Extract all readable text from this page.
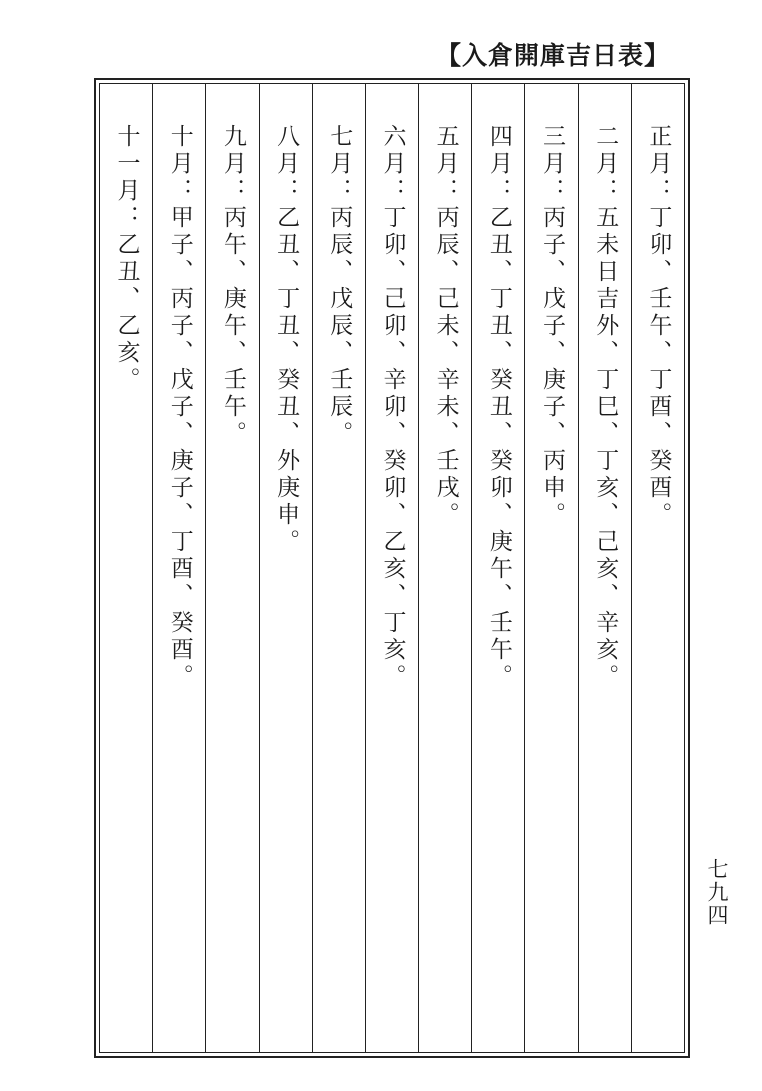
【入倉開庫吉日表】
正月：丁卯、壬午、丁酉、癸酉。
二月：五未日吉外、丁巳、丁亥、己亥、辛亥。
三月：丙子、戊子、庚子、丙申。
四月：乙丑、丁丑、癸丑、癸卯、庚午、壬午。
五月：丙辰、己未、辛未、壬戌。
六月：丁卯、己卯、辛卯、癸卯、乙亥、丁亥。
七月：丙辰、戊辰、壬辰。
八月：乙丑、丁丑、癸丑、外庚申。
九月：丙午、庚午、壬午。
十月：甲子、丙子、戊子、庚子、丁酉、癸酉。
十一月：乙丑、乙亥。
七九四
